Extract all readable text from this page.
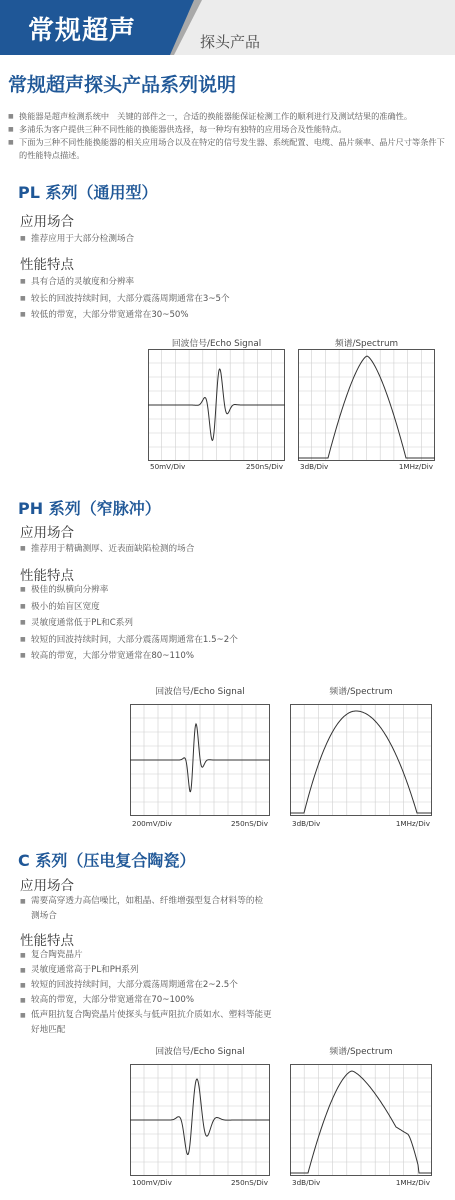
常规超声	探头产品
常规超声探头产品系列说明
■ 换能器是超声检测系统中　关键的部件之一，合适的换能器能保证检测工作的顺利进行及测试结果的准确性。
■ 多浦乐为客户提供三种不同性能的换能器供选择，每一种均有独特的应用场合及性能特点。
■ 下面为三种不同性能换能器的相关应用场合以及在特定的信号发生器、系统配置、电缆、晶片频率、晶片尺寸等条件下的性能特点描述。
PL 系列（通用型）
应用场合
■ 推荐应用于大部分检测场合
性能特点
■ 具有合适的灵敏度和分辨率
■ 较长的回波持续时间，大部分震荡周期通常在3~5个
■ 较低的带宽，大部分带宽通常在30~50%
回波信号/Echo Signal
50mV/Div	250nS/Div
频谱/Spectrum
3dB/Div	1MHz/Div
PH 系列（窄脉冲）
应用场合
■ 推荐用于精确测厚、近表面缺陷检测的场合
性能特点
■ 极佳的纵横向分辨率
■ 极小的始盲区宽度
■ 灵敏度通常低于PL和C系列
■ 较短的回波持续时间，大部分震荡周期通常在1.5~2个
■ 较高的带宽，大部分带宽通常在80~110%
回波信号/Echo Signal
200mV/Div	250nS/Div
频谱/Spectrum
3dB/Div	1MHz/Div
C 系列（压电复合陶瓷）
应用场合
■ 需要高穿透力高信噪比，如粗晶、纤维增强型复合材料等的检测场合
性能特点
■ 复合陶瓷晶片
■ 灵敏度通常高于PL和PH系列
■ 较短的回波持续时间，大部分震荡周期通常在2~2.5个
■ 较高的带宽，大部分带宽通常在70~100%
■ 低声阻抗复合陶瓷晶片使探头与低声阻抗介质如水、塑料等能更好地匹配
回波信号/Echo Signal
100mV/Div	250nS/Div
频谱/Spectrum
3dB/Div	1MHz/Div
